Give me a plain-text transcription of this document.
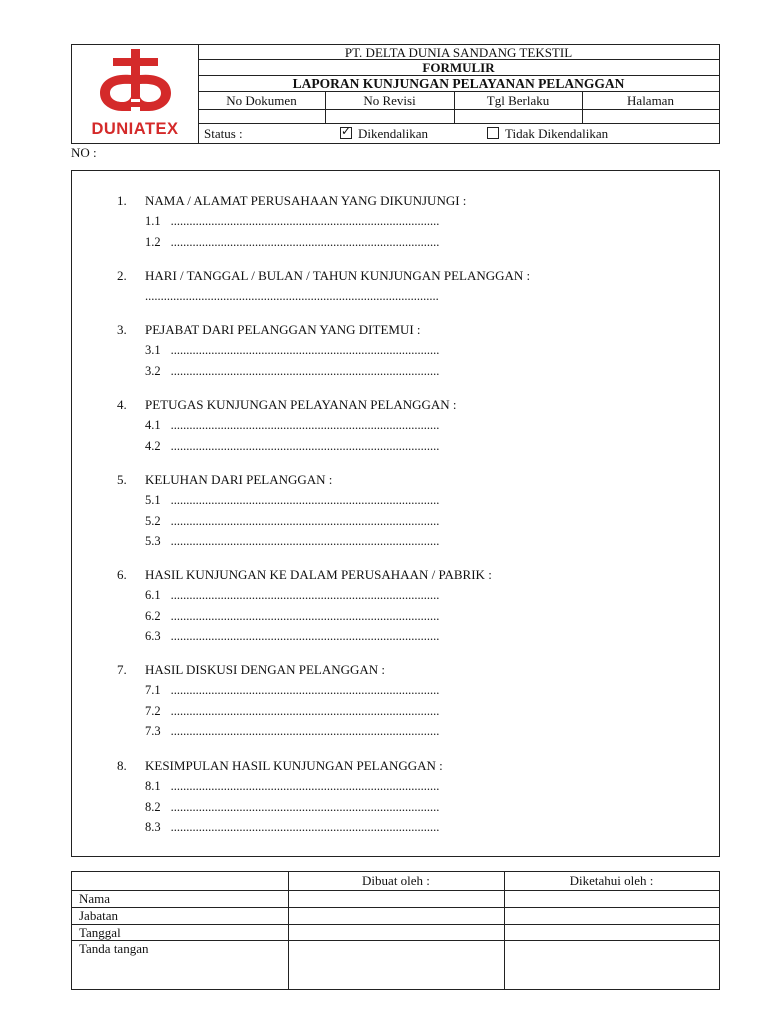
DUNIATEX
PT. DELTA DUNIA SANDANG TEKSTIL
FORMULIR
LAPORAN KUNJUNGAN PELAYANAN PELANGGAN
No Dokumen	No Revisi	Tgl Berlaku	Halaman
Status :
✓	Dikendalikan	Tidak Dikendalikan
NO :
1.	NAMA / ALAMAT PERUSAHAAN YANG DIKUNJUNGI :
1.1 ......................................................................................
1.2 ......................................................................................
2.	HARI / TANGGAL / BULAN / TAHUN KUNJUNGAN PELANGGAN :
..............................................................................................
3.	PEJABAT DARI PELANGGAN YANG DITEMUI :
3.1 ......................................................................................
3.2 ......................................................................................
4.	PETUGAS KUNJUNGAN PELAYANAN PELANGGAN :
4.1 ......................................................................................
4.2 ......................................................................................
5.	KELUHAN DARI PELANGGAN :
5.1 ......................................................................................
5.2 ......................................................................................
5.3 ......................................................................................
6.	HASIL KUNJUNGAN KE DALAM PERUSAHAAN / PABRIK :
6.1 ......................................................................................
6.2 ......................................................................................
6.3 ......................................................................................
7.	HASIL DISKUSI DENGAN PELANGGAN :
7.1 ......................................................................................
7.2 ......................................................................................
7.3 ......................................................................................
8.	KESIMPULAN HASIL KUNJUNGAN PELANGGAN :
8.1 ......................................................................................
8.2 ......................................................................................
8.3 ......................................................................................
Dibuat oleh :	Diketahui oleh :
Nama
Jabatan
Tanggal
Tanda tangan
